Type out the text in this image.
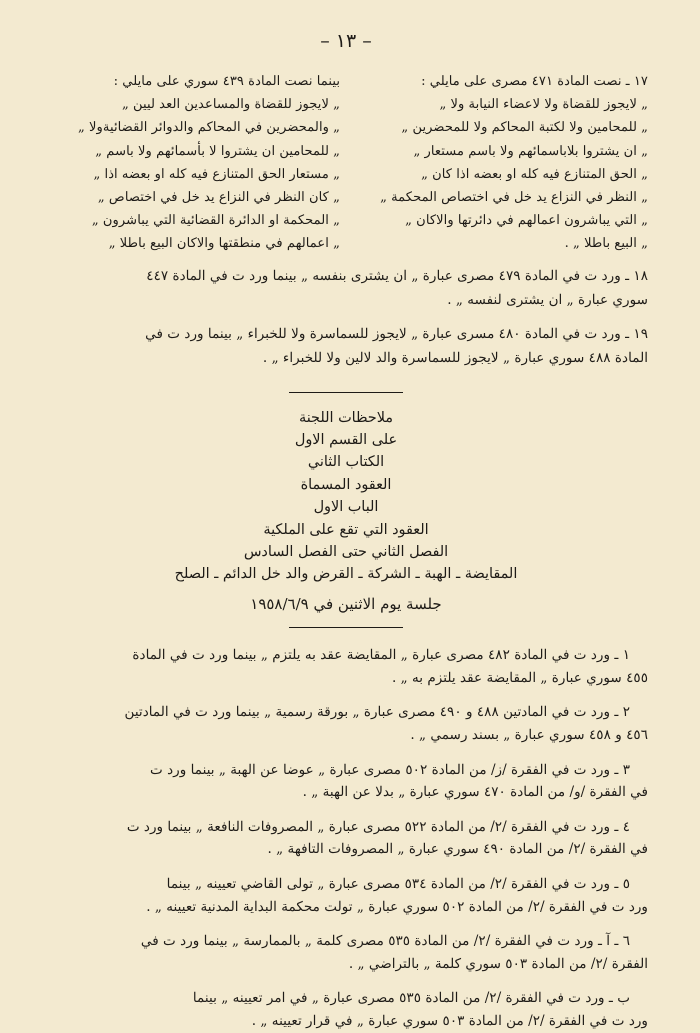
– ١٣ –

١٧ ـ نصت المادة ٤٧١ مصرى على مايلي :

„ لايجوز للقضاة ولا لاعضاء النيابة ولا „

„ للمحامين ولا لكتبة المحاكم ولا للمحضرين „

„ ان يشتروا بلاباسمائهم ولا باسم مستعار „

„ الحق المتنازع فيه كله او بعضه اذا كان „

„ النظر في النزاع يد خل في اختصاص المحكمة „

„ التي يباشرون اعمالهم في دائرتها والاكان „

„ البيع باطلا „ .

بينما نصت المادة ٤٣٩ سوري على مايلي :

„ لايجوز للقضاة والمساعدين العد ليين „

„ والمحضرين في المحاكم والدوائر القضائيةولا „

„ للمحامين ان يشتروا لا بأسمائهم ولا باسم „

„ مستعار الحق المتنازع فيه كله او بعضه اذا „

„ كان النظر في النزاع يد خل في اختصاص „

„ المحكمة او الدائرة القضائية التي يباشرون „

„ اعمالهم في منطقتها والاكان البيع باطلا „

١٨ ـ ورد ت في المادة ٤٧٩ مصرى عبارة „ ان يشترى بنفسه „ بينما ورد ت في المادة ٤٤٧

سوري عبارة „ ان يشترى لنفسه „ .

١٩ ـ ورد ت في المادة ٤٨٠ مسرى عبارة „ لايجوز للسماسرة ولا للخبراء „ بينما ورد ت في

المادة ٤٨٨ سوري عبارة „ لايجوز للسماسرة والد لالين ولا للخبراء „ .

ملاحظات اللجنة

على القسم الاول

الكتاب الثاني

العقود المسماة

الباب الاول

العقود التي تقع على الملكية

الفصل الثاني حتى الفصل السادس

المقايضة ـ الهبة ـ الشركة ـ القرض والد خل الدائم ـ الصلح

جلسة يوم الاثنين في ١٩٥٨/٦/٩

١ ـ ورد ت في المادة ٤٨٢ مصرى عبارة „ المقايضة عقد به يلتزم „ بينما ورد ت في المادة

٤٥٥ سوري عبارة „ المقايضة عقد يلتزم به „ .

٢ ـ ورد ت في المادتين ٤٨٨ و ٤٩٠ مصرى عبارة „ بورقة رسمية „ بينما ورد ت في المادتين

٤٥٦ و ٤٥٨ سوري عبارة „ بسند رسمي „ .

٣ ـ ورد ت في الفقرة /ز/ من المادة ٥٠٢ مصرى عبارة „ عوضا عن الهبة „ بينما ورد ت

في الفقرة /و/ من المادة ٤٧٠ سوري عبارة „ بدلا عن الهبة „ .

٤ ـ ورد ت في الفقرة /٢/ من المادة ٥٢٢ مصرى عبارة „ المصروفات النافعة „ بينما ورد ت

في الفقرة /٢/ من المادة ٤٩٠ سوري عبارة „ المصروفات التافهة „ .

٥ ـ ورد ت في الفقرة /٢/ من المادة ٥٣٤ مصرى عبارة „ تولى القاضي تعيينه „ بينما

ورد ت في الفقرة /٢/ من المادة ٥٠٢ سوري عبارة „ تولت محكمة البداية المدنية تعيينه „ .

٦ ـ آ ـ ورد ت في الفقرة /٢/ من المادة ٥٣٥ مصرى كلمة „ بالممارسة „ بينما ورد ت في

الفقرة /٢/ من المادة ٥٠٣ سوري كلمة „ بالتراضي „ .

ب ـ ورد ت في الفقرة /٢/ من المادة ٥٣٥ مصرى عبارة „ في امر تعيينه „ بينما

ورد ت في الفقرة /٢/ من المادة ٥٠٣ سوري عبارة „ في قرار تعيينه „ .
